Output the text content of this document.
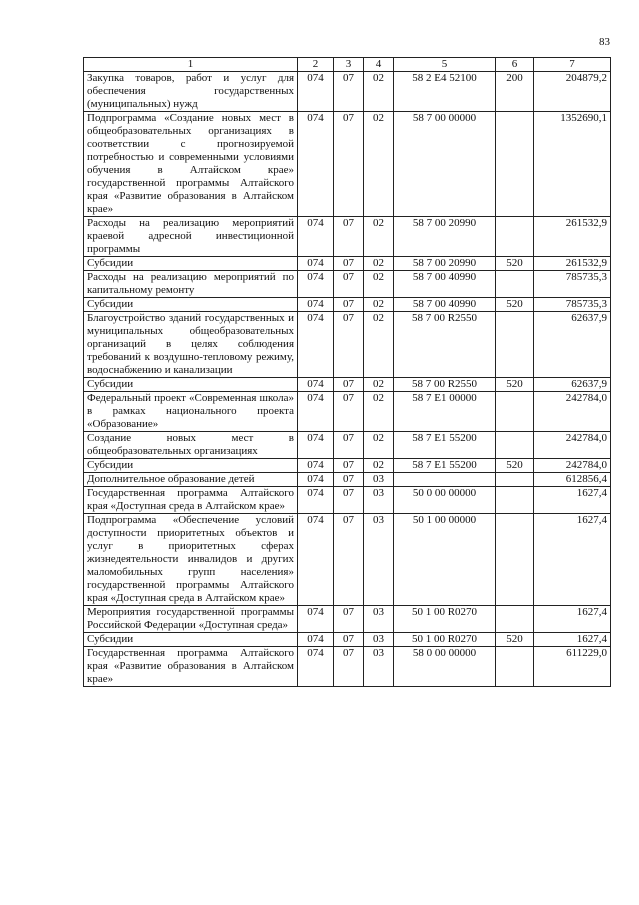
83
1	2	3	4	5	6	7
Закупка товаров, работ и услуг для обеспечения государственных (муниципальных) нужд	074	07	02	58 2 E4 52100	200	204879,2
Подпрограмма «Создание новых мест в общеобразовательных организациях в соответствии с прогнозируемой потребностью и современными условиями обучения в Алтайском крае» государственной программы Алтайского края «Развитие образования в Алтайском крае»	074	07	02	58 7 00 00000		1352690,1
Расходы на реализацию мероприятий краевой адресной инвестиционной программы	074	07	02	58 7 00 20990		261532,9
Субсидии	074	07	02	58 7 00 20990	520	261532,9
Расходы на реализацию мероприятий по капитальному ремонту	074	07	02	58 7 00 40990		785735,3
Субсидии	074	07	02	58 7 00 40990	520	785735,3
Благоустройство зданий государственных и муниципальных общеобразовательных организаций в целях соблюдения требований к воздушно-тепловому режиму, водоснабжению и канализации	074	07	02	58 7 00 R2550		62637,9
Субсидии	074	07	02	58 7 00 R2550	520	62637,9
Федеральный проект «Современная школа» в рамках национального проекта «Образование»	074	07	02	58 7 E1 00000		242784,0
Создание новых мест в общеобразовательных организациях	074	07	02	58 7 E1 55200		242784,0
Субсидии	074	07	02	58 7 E1 55200	520	242784,0
Дополнительное образование детей	074	07	03			612856,4
Государственная программа Алтайского края «Доступная среда в Алтайском крае»	074	07	03	50 0 00 00000		1627,4
Подпрограмма «Обеспечение условий доступности приоритетных объектов и услуг в приоритетных сферах жизнедеятельности инвалидов и других маломобильных групп населения» государственной программы Алтайского края «Доступная среда в Алтайском крае»	074	07	03	50 1 00 00000		1627,4
Мероприятия государственной программы Российской Федерации «Доступная среда»	074	07	03	50 1 00 R0270		1627,4
Субсидии	074	07	03	50 1 00 R0270	520	1627,4
Государственная программа Алтайского края «Развитие образования в Алтайском крае»	074	07	03	58 0 00 00000		611229,0
